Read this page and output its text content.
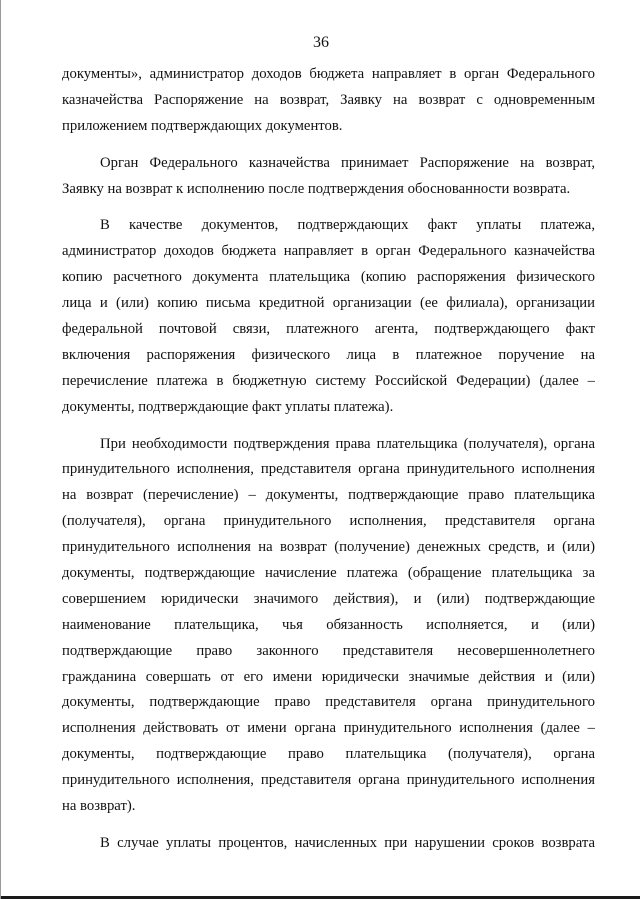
36
документы», администратор доходов бюджета направляет в орган Федерального
казначейства Распоряжение на возврат, Заявку на возврат с одновременным
приложением подтверждающих документов.
Орган Федерального казначейства принимает Распоряжение на возврат,
Заявку на возврат к исполнению после подтверждения обоснованности возврата.
В качестве документов, подтверждающих факт уплаты платежа,
администратор доходов бюджета направляет в орган Федерального казначейства
копию расчетного документа плательщика (копию распоряжения физического
лица и (или) копию письма кредитной организации (ее филиала), организации
федеральной почтовой связи, платежного агента, подтверждающего факт
включения распоряжения физического лица в платежное поручение на
перечисление платежа в бюджетную систему Российской Федерации) (далее –
документы, подтверждающие факт уплаты платежа).
При необходимости подтверждения права плательщика (получателя), органа
принудительного исполнения, представителя органа принудительного исполнения
на возврат (перечисление) – документы, подтверждающие право плательщика
(получателя), органа принудительного исполнения, представителя органа
принудительного исполнения на возврат (получение) денежных средств, и (или)
документы, подтверждающие начисление платежа (обращение плательщика за
совершением юридически значимого действия), и (или) подтверждающие
наименование плательщика, чья обязанность исполняется, и (или)
подтверждающие право законного представителя несовершеннолетнего
гражданина совершать от его имени юридически значимые действия и (или)
документы, подтверждающие право представителя органа принудительного
исполнения действовать от имени органа принудительного исполнения (далее –
документы, подтверждающие право плательщика (получателя), органа
принудительного исполнения, представителя органа принудительного исполнения
на возврат).
В случае уплаты процентов, начисленных при нарушении сроков возврата
